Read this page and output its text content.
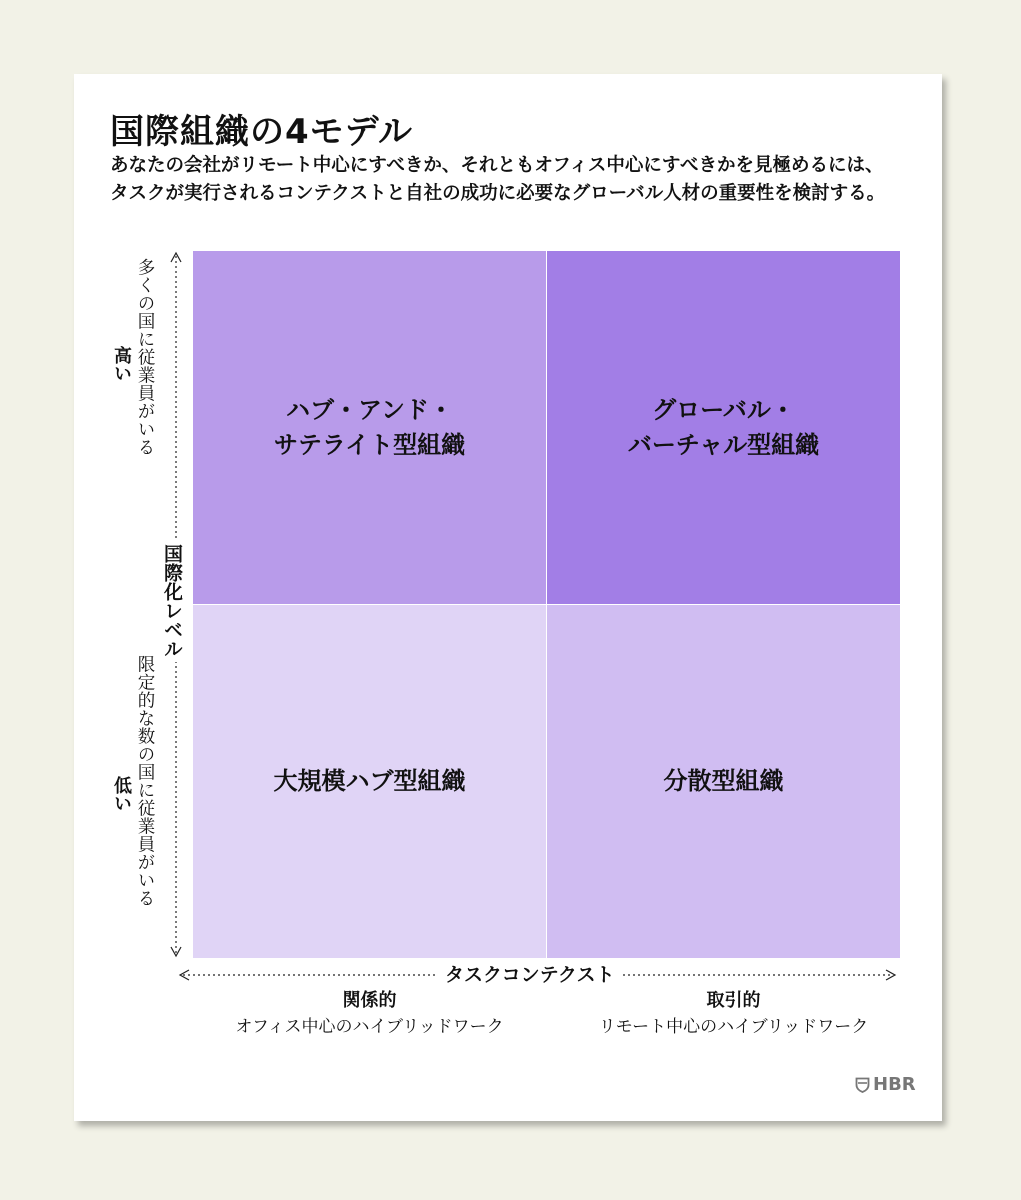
国際組織の4モデル
あなたの会社がリモート中心にすべきか、それともオフィス中心にすべきかを見極めるには、
タスクが実行されるコンテクストと自社の成功に必要なグローバル人材の重要性を検討する。
ハブ・アンド・
サテライト型組織
グローバル・
バーチャル型組織
大規模ハブ型組織	分散型組織
多くの国に従業員がいる
高い
限定的な数の国に従業員がいる
低い
国際化レベル
タスクコンテクスト
関係的
オフィス中心のハイブリッドワーク
取引的
リモート中心のハイブリッドワーク
HBR
